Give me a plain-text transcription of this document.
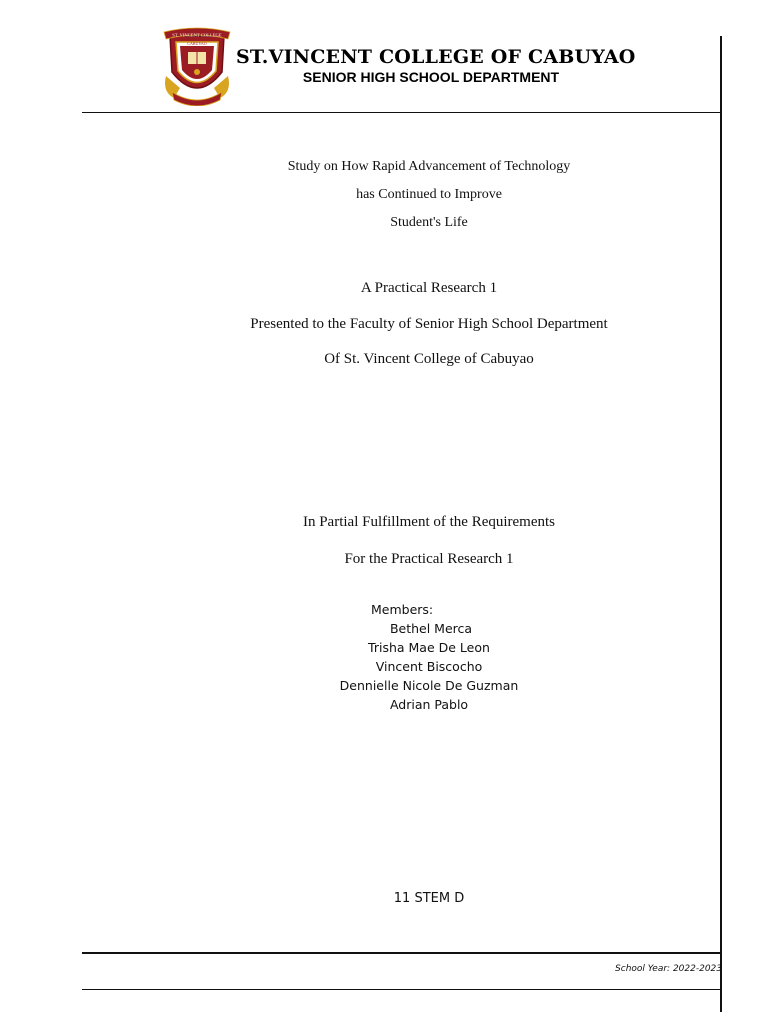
ST. VINCENT COLLEGE
CABUYAO
ST.VINCENT COLLEGE OF CABUYAO
SENIOR HIGH SCHOOL DEPARTMENT
Study on How Rapid Advancement of Technology
has Continued to Improve
Student's Life
A Practical Research 1
Presented to the Faculty of Senior High School Department
Of St. Vincent College of Cabuyao
In Partial Fulfillment of the Requirements
For the Practical Research 1
Members:
Bethel Merca
Trisha Mae De Leon
Vincent Biscocho
Dennielle Nicole De Guzman
Adrian Pablo
11 STEM D
School Year: 2022-2023
